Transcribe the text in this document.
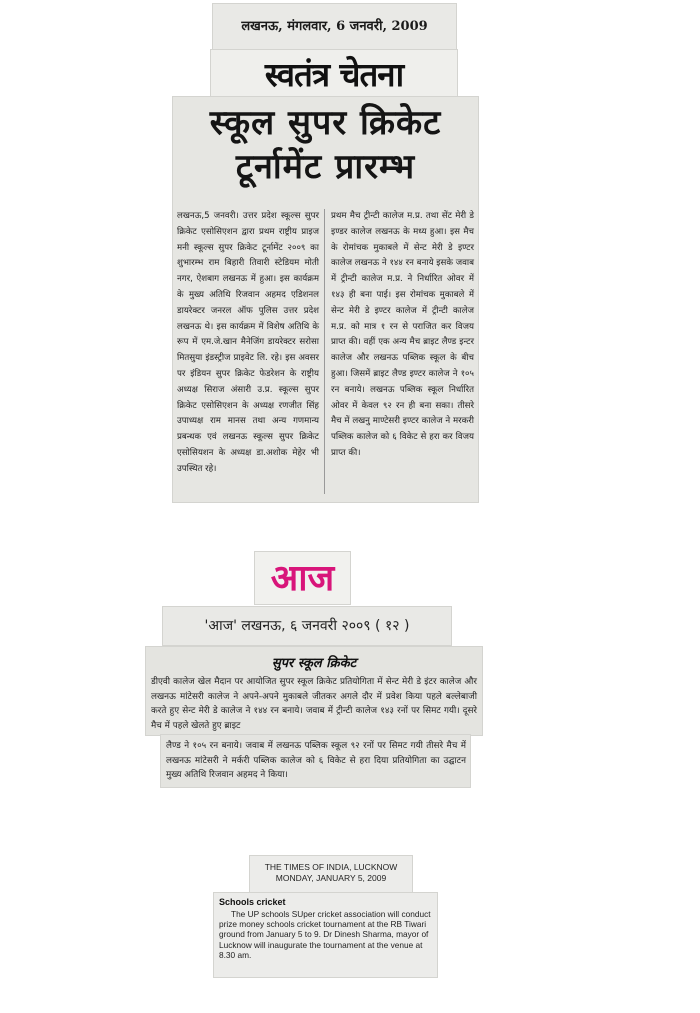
लखनऊ, मंगलवार, 6 जनवरी, 2009
स्वतंत्र चेतना
स्कूल सुपर क्रिकेट
टूर्नामेंट प्रारम्भ
लखनऊ,5 जनवरी। उत्तर प्रदेश स्कूल्स सुपर क्रिकेट एसोसिएशन द्वारा प्रथम राष्ट्रीय प्राइज मनी स्कूल्स सुपर क्रिकेट टूर्नामेंट २००९ का शुभारम्भ राम बिहारी तिवारी स्टेडियम मोती नगर, ऐशबाग लखनऊ में हुआ। इस कार्यक्रम के मुख्य अतिथि रिजवान अहमद एडिशनल डायरेक्टर जनरल ऑफ पुलिस उत्तर प्रदेश लखनऊ थे। इस कार्यक्रम में विशेष अतिथि के रूप में एम.जे.खान मैनेजिंग डायरेक्टर सरोसा मितसुया इंडस्ट्रीज प्राइवेट लि. रहे। इस अवसर पर इंडियन सुपर क्रिकेट फेडरेशन के राष्ट्रीय अध्यक्ष सिराज अंसारी उ.प्र. स्कूल्स सुपर क्रिकेट एसोसिएशन के अध्यक्ष रणजीत सिंह उपाध्यक्ष राम मानस तथा अन्य गणमान्य प्रबन्धक एवं लखनऊ स्कूल्स सुपर क्रिकेट एसोसियशन के अध्यक्ष डा.अशोक मेहेर भी उपस्थित रहे।
प्रथम मैच ट्रीन्टी कालेज म.प्र. तथा सेंट मेरी डे इण्डर कालेज लखनऊ के मध्य हुआ। इस मैच के रोमांचक मुकाबले में सेन्ट मेरी डे इण्टर कालेज लखनऊ ने १४४ रन बनाये इसके जवाब में ट्रीन्टी कालेज म.प्र. ने निर्धारित ओवर में १४३ ही बना पाई। इस रोमांचक मुकाबले में सेन्ट मेरी डे इण्टर कालेज में ट्रीन्टी कालेज म.प्र. को मात्र १ रन से पराजित कर विजय प्राप्त की। वहीं एक अन्य मैच ब्राइट लैण्ड इन्टर कालेज और लखनऊ पब्लिक स्कूल के बीच हुआ। जिसमें ब्राइट लैण्ड इण्टर कालेज ने १०५ रन बनाये। लखनऊ पब्लिक स्कूल निर्धारित ओवर में केवल ९२ रन ही बना सका। तीसरे मैच में लखनु माण्टेसरी इण्टर कालेज ने मरकरी पब्लिक कालेज को ६ विकेट से हरा कर विजय प्राप्त की।
आज
'आज' लखनऊ, ६ जनवरी २००९ ( १२ )
सुपर स्कूल क्रिकेट
डीएवी कालेज खेल मैदान पर आयोजित सुपर स्कूल क्रिकेट प्रतियोगिता में सेन्ट मेरी डे इंटर कालेज और लखनऊ मांटेसरी कालेज ने अपने-अपने मुकाबले जीतकर अगले दौर में प्रवेश किया पहले बल्लेबाजी करते हुए सेन्ट मेरी डे कालेज ने १४४ रन बनाये। जवाब में ट्रीन्टी कालेज १४३ रनों पर सिमट गयी। दूसरे मैच में पहले खेलते हुए ब्राइट
लैण्ड ने १०५ रन बनाये। जवाब में लखनऊ पब्लिक स्कूल ९२ रनों पर सिमट गयी तीसरे मैच में लखनऊ मांटेसरी ने मर्करी पब्लिक कालेज को ६ विकेट से हरा दिया प्रतियोगिता का उद्घाटन मुख्य अतिथि रिजवान अहमद ने किया।
THE TIMES OF INDIA, LUCKNOW
MONDAY, JANUARY 5, 2009
Schools cricket
The UP schools SUper cricket association will conduct prize money schools cricket tournament at the RB Tiwari ground from January 5 to 9. Dr Dinesh Sharma, mayor of Lucknow will inaugurate the tournament at the venue at 8.30 am.
